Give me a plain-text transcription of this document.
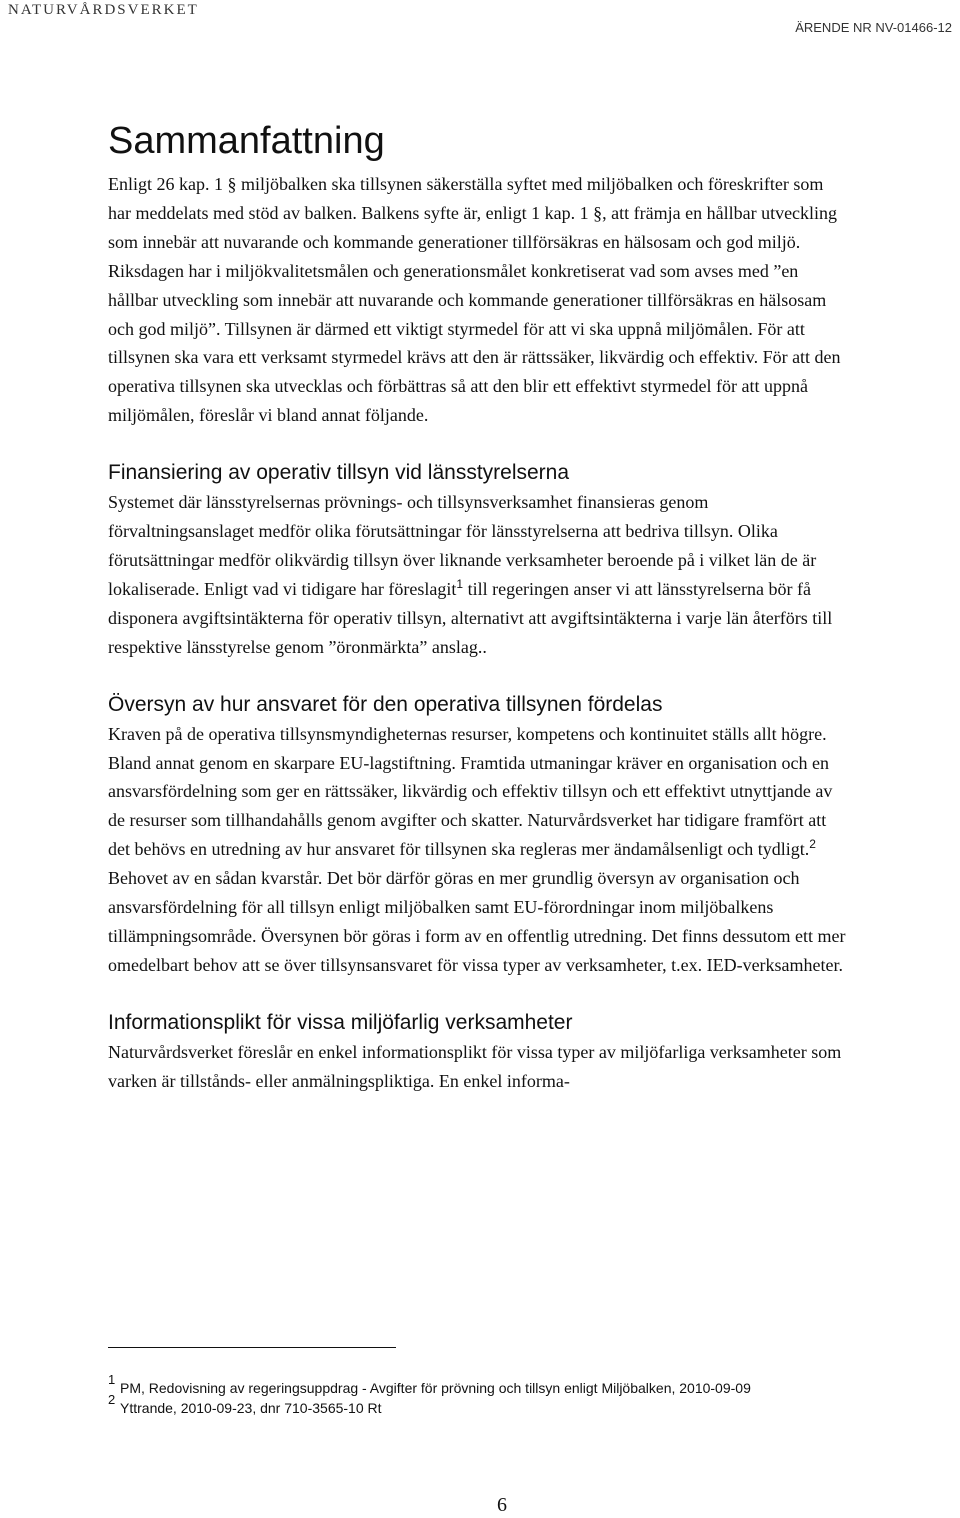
NATURVÅRDSVERKET
ÄRENDE NR NV-01466-12
Sammanfattning

Enligt 26 kap. 1 § miljöbalken ska tillsynen säkerställa syftet med miljöbalken och föreskrifter som har meddelats med stöd av balken. Balkens syfte är, enligt 1 kap. 1 §, att främja en hållbar utveckling som innebär att nuvarande och kommande generationer tillförsäkras en hälsosam och god miljö. Riksdagen har i miljökvalitetsmålen och generationsmålet konkretiserat vad som avses med ”en hållbar utveckling som innebär att nuvarande och kommande generationer tillförsäkras en hälsosam och god miljö”. Tillsynen är därmed ett viktigt styrmedel för att vi ska uppnå miljömålen. För att tillsynen ska vara ett verksamt styrmedel krävs att den är rättssäker, likvärdig och effektiv. För att den operativa tillsynen ska utvecklas och förbättras så att den blir ett effektivt styrmedel för att uppnå miljömålen, föreslår vi bland annat följande.

Finansiering av operativ tillsyn vid länsstyrelserna

Systemet där länsstyrelsernas prövnings- och tillsynsverksamhet finansieras genom förvaltningsanslaget medför olika förutsättningar för länsstyrelserna att bedriva tillsyn. Olika förutsättningar medför olikvärdig tillsyn över liknande verksamheter beroende på i vilket län de är lokaliserade. Enligt vad vi tidigare har föreslagit$^1$ till regeringen anser vi att länsstyrelserna bör få disponera avgiftsintäkterna för operativ tillsyn, alternativt att avgiftsintäkterna i varje län återförs till respektive länsstyrelse genom ”öronmärkta” anslag..

Översyn av hur ansvaret för den operativa tillsynen fördelas

Kraven på de operativa tillsynsmyndigheternas resurser, kompetens och kontinuitet ställs allt högre. Bland annat genom en skarpare EU-lagstiftning. Framtida utmaningar kräver en organisation och en ansvarsfördelning som ger en rättssäker, likvärdig och effektiv tillsyn och ett effektivt utnyttjande av de resurser som tillhandahålls genom avgifter och skatter. Naturvårdsverket har tidigare framfört att det behövs en utredning av hur ansvaret för tillsynen ska regleras mer ändamålsenligt och tydligt.$^2$ Behovet av en sådan kvarstår. Det bör därför göras en mer grundlig översyn av organisation och ansvarsfördelning för all tillsyn enligt miljöbalken samt EU-förordningar inom miljöbalkens tillämpningsområde. Översynen bör göras i form av en offentlig utredning. Det finns dessutom ett mer omedelbart behov att se över tillsynsansvaret för vissa typer av verksamheter, t.ex. IED-verksamheter.

Informationsplikt för vissa miljöfarlig verksamheter

Naturvårdsverket föreslår en enkel informationsplikt för vissa typer av miljöfarliga verksamheter som varken är tillstånds- eller anmälningspliktiga. En enkel informa-

1
PM, Redovisning av regeringsuppdrag - Avgifter för prövning och tillsyn enligt Miljöbalken, 2010-09-09
2
Yttrande, 2010-09-23, dnr 710-3565-10 Rt
6
